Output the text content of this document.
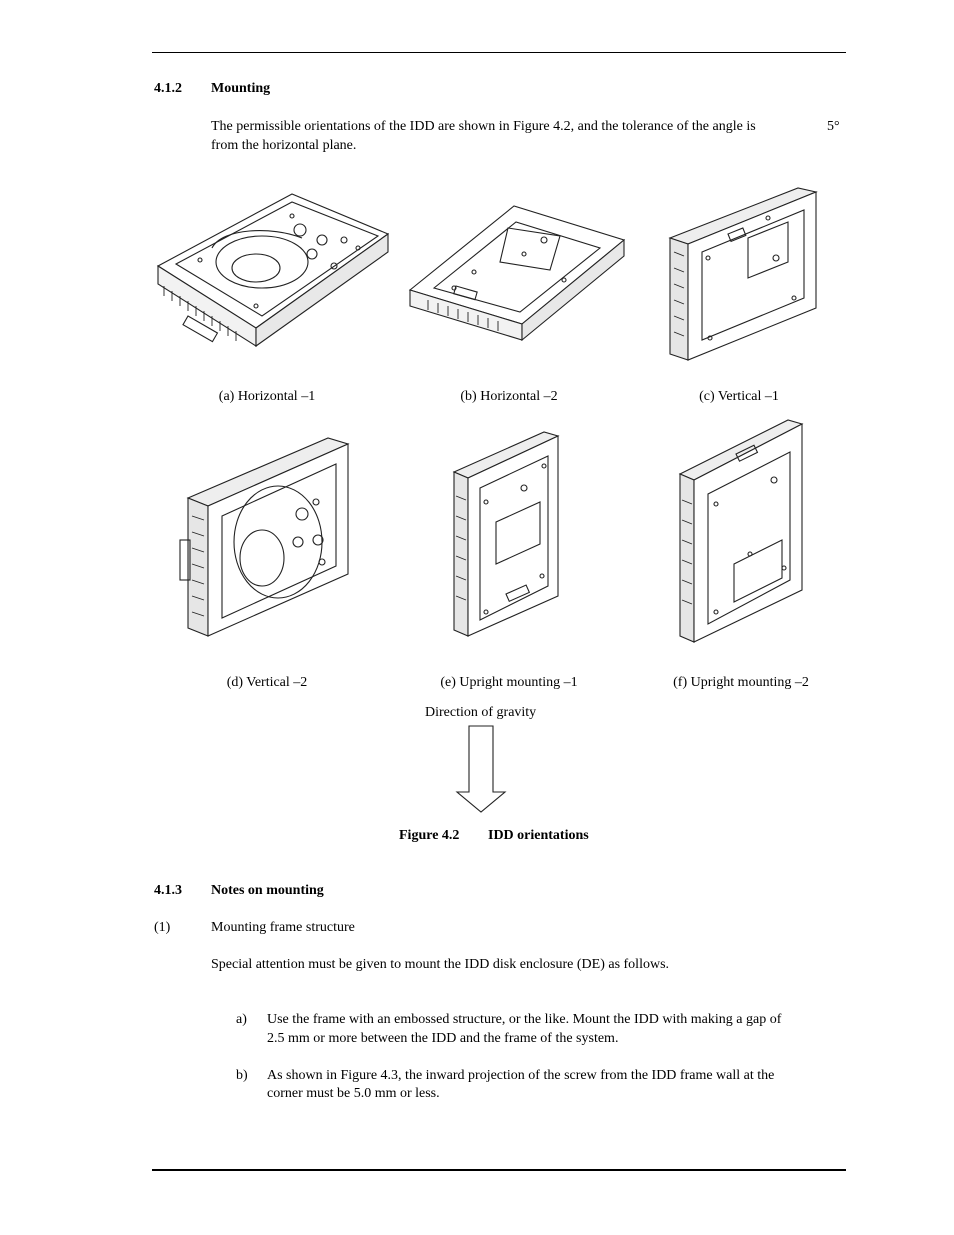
4.1.2 Mounting
The permissible orientations of the IDD are shown in Figure 4.2, and the tolerance of the angle is	5°
from the horizontal plane.
(a) Horizontal –1	(b) Horizontal –2	(c) Vertical –1
(d) Vertical –2	(e) Upright mounting –1	(f) Upright mounting –2
Direction of gravity
Figure 4.2 IDD orientations
4.1.3 Notes on mounting
(1)	Mounting frame structure
Special attention must be given to mount the IDD disk enclosure (DE) as follows.
a) Use the frame with an embossed structure, or the like. Mount the IDD with making a gap of
2.5 mm or more between the IDD and the frame of the system.
b) As shown in Figure 4.3, the inward projection of the screw from the IDD frame wall at the
corner must be 5.0 mm or less.
